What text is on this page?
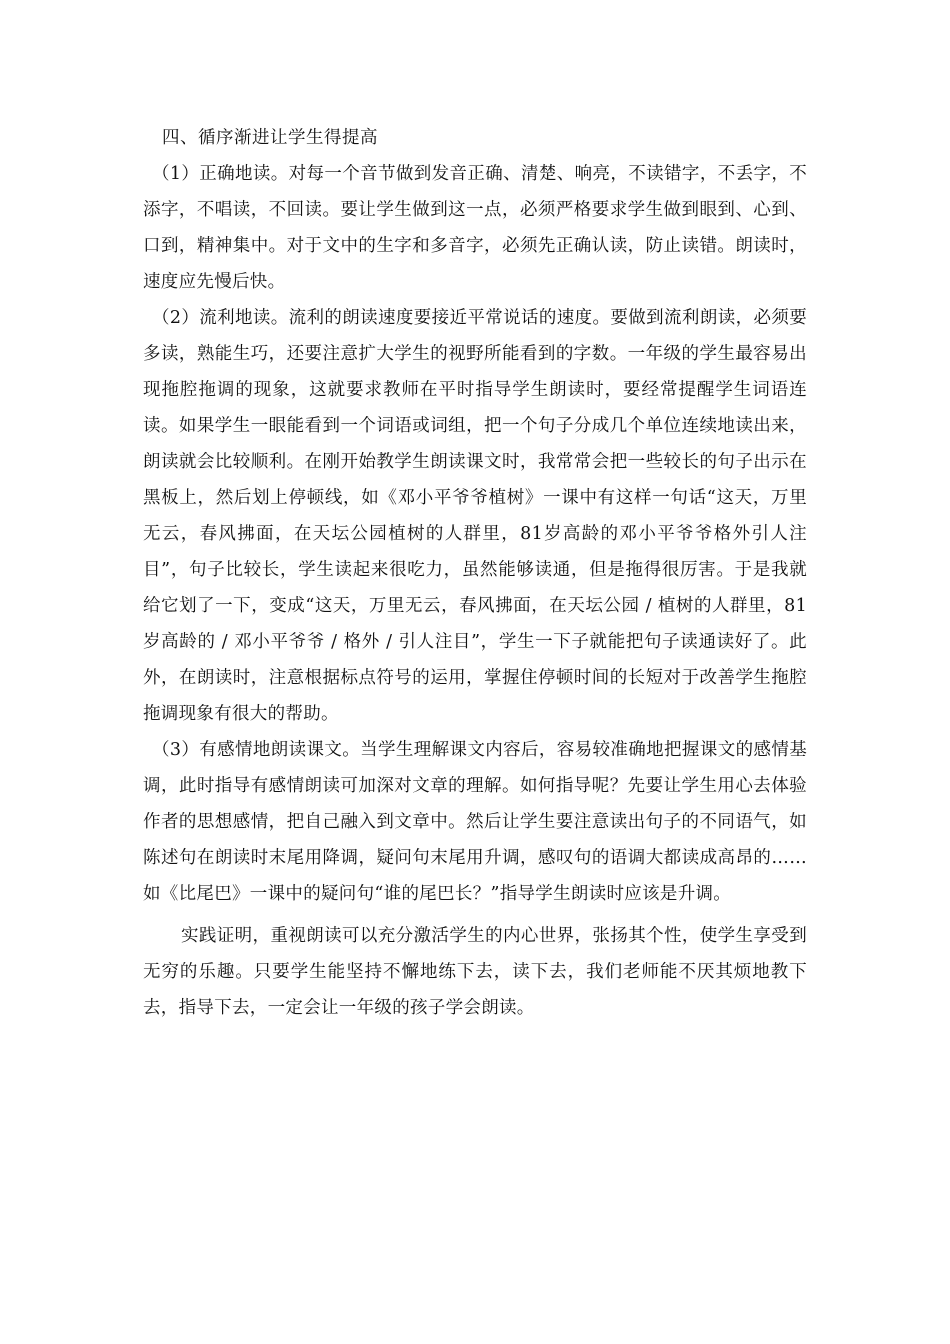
四、循序渐进让学生得提高

（1）正确地读。对每一个音节做到发音正确、清楚、响亮，不读错字，不丢字，不添字，不唱读，不回读。要让学生做到这一点，必须严格要求学生做到眼到、心到、口到，精神集中。对于文中的生字和多音字，必须先正确认读，防止读错。朗读时，速度应先慢后快。

（2）流利地读。流利的朗读速度要接近平常说话的速度。要做到流利朗读，必须要多读，熟能生巧，还要注意扩大学生的视野所能看到的字数。一年级的学生最容易出现拖腔拖调的现象，这就要求教师在平时指导学生朗读时，要经常提醒学生词语连读。如果学生一眼能看到一个词语或词组，把一个句子分成几个单位连续地读出来，朗读就会比较顺利。在刚开始教学生朗读课文时，我常常会把一些较长的句子出示在黑板上，然后划上停顿线，如《邓小平爷爷植树》一课中有这样一句话“这天，万里无云，春风拂面，在天坛公园植树的人群里，81岁高龄的邓小平爷爷格外引人注目”，句子比较长，学生读起来很吃力，虽然能够读通，但是拖得很厉害。于是我就给它划了一下，变成“这天，万里无云，春风拂面，在天坛公园 / 植树的人群里，81岁高龄的 / 邓小平爷爷 / 格外 / 引人注目”，学生一下子就能把句子读通读好了。此外，在朗读时，注意根据标点符号的运用，掌握住停顿时间的长短对于改善学生拖腔拖调现象有很大的帮助。

（3）有感情地朗读课文。当学生理解课文内容后，容易较准确地把握课文的感情基调，此时指导有感情朗读可加深对文章的理解。如何指导呢？先要让学生用心去体验作者的思想感情，把自己融入到文章中。然后让学生要注意读出句子的不同语气，如陈述句在朗读时末尾用降调，疑问句末尾用升调，感叹句的语调大都读成高昂的……如《比尾巴》一课中的疑问句“谁的尾巴长？”指导学生朗读时应该是升调。

实践证明，重视朗读可以充分激活学生的内心世界，张扬其个性，使学生享受到无穷的乐趣。只要学生能坚持不懈地练下去，读下去，我们老师能不厌其烦地教下去，指导下去，一定会让一年级的孩子学会朗读。
